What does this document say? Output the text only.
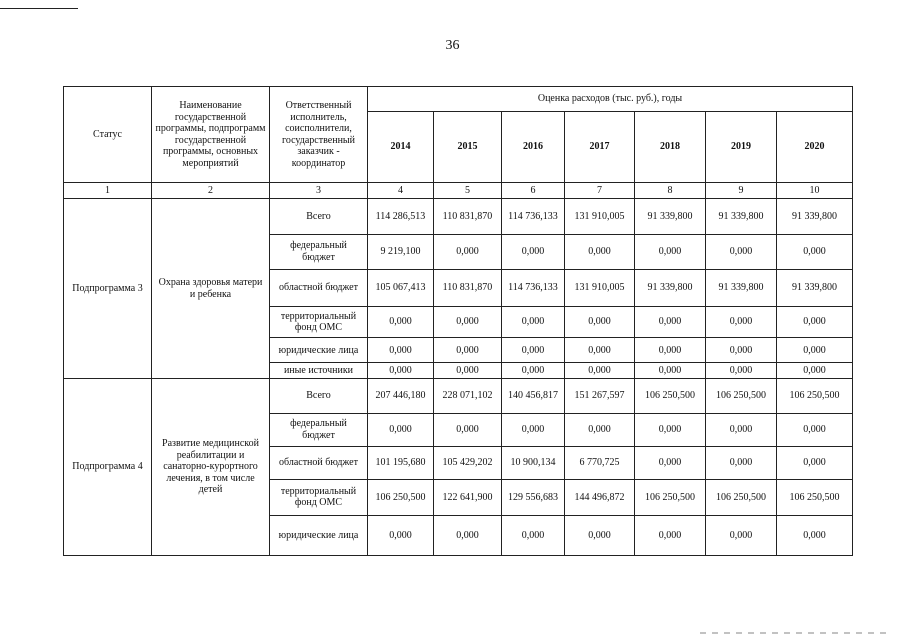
36
Статус	Наименование государственной программы, подпрограмм государственной программы, основных мероприятий	Ответственный исполнитель, соисполнители, государственный заказчик - координатор	Оценка расходов (тыс. руб.), годы						
			2014	2015	2016	2017	2018	2019	2020
1	2	3	4	5	6	7	8	9	10
Подпрограмма 3	Охрана здоровья матери и ребенка	Всего	114 286,513	110 831,870	114 736,133	131 910,005	91 339,800	91 339,800	91 339,800
		федеральный бюджет	9 219,100	0,000	0,000	0,000	0,000	0,000	0,000
		областной бюджет	105 067,413	110 831,870	114 736,133	131 910,005	91 339,800	91 339,800	91 339,800
		территориальный фонд ОМС	0,000	0,000	0,000	0,000	0,000	0,000	0,000
		юридические лица	0,000	0,000	0,000	0,000	0,000	0,000	0,000
		иные источники	0,000	0,000	0,000	0,000	0,000	0,000	0,000
Подпрограмма 4	Развитие медицинской реабилитации и санаторно-курортного лечения, в том числе детей	Всего	207 446,180	228 071,102	140 456,817	151 267,597	106 250,500	106 250,500	106 250,500
		федеральный бюджет	0,000	0,000	0,000	0,000	0,000	0,000	0,000
		областной бюджет	101 195,680	105 429,202	10 900,134	6 770,725	0,000	0,000	0,000
		территориальный фонд ОМС	106 250,500	122 641,900	129 556,683	144 496,872	106 250,500	106 250,500	106 250,500
		юридические лица	0,000	0,000	0,000	0,000	0,000	0,000	0,000
